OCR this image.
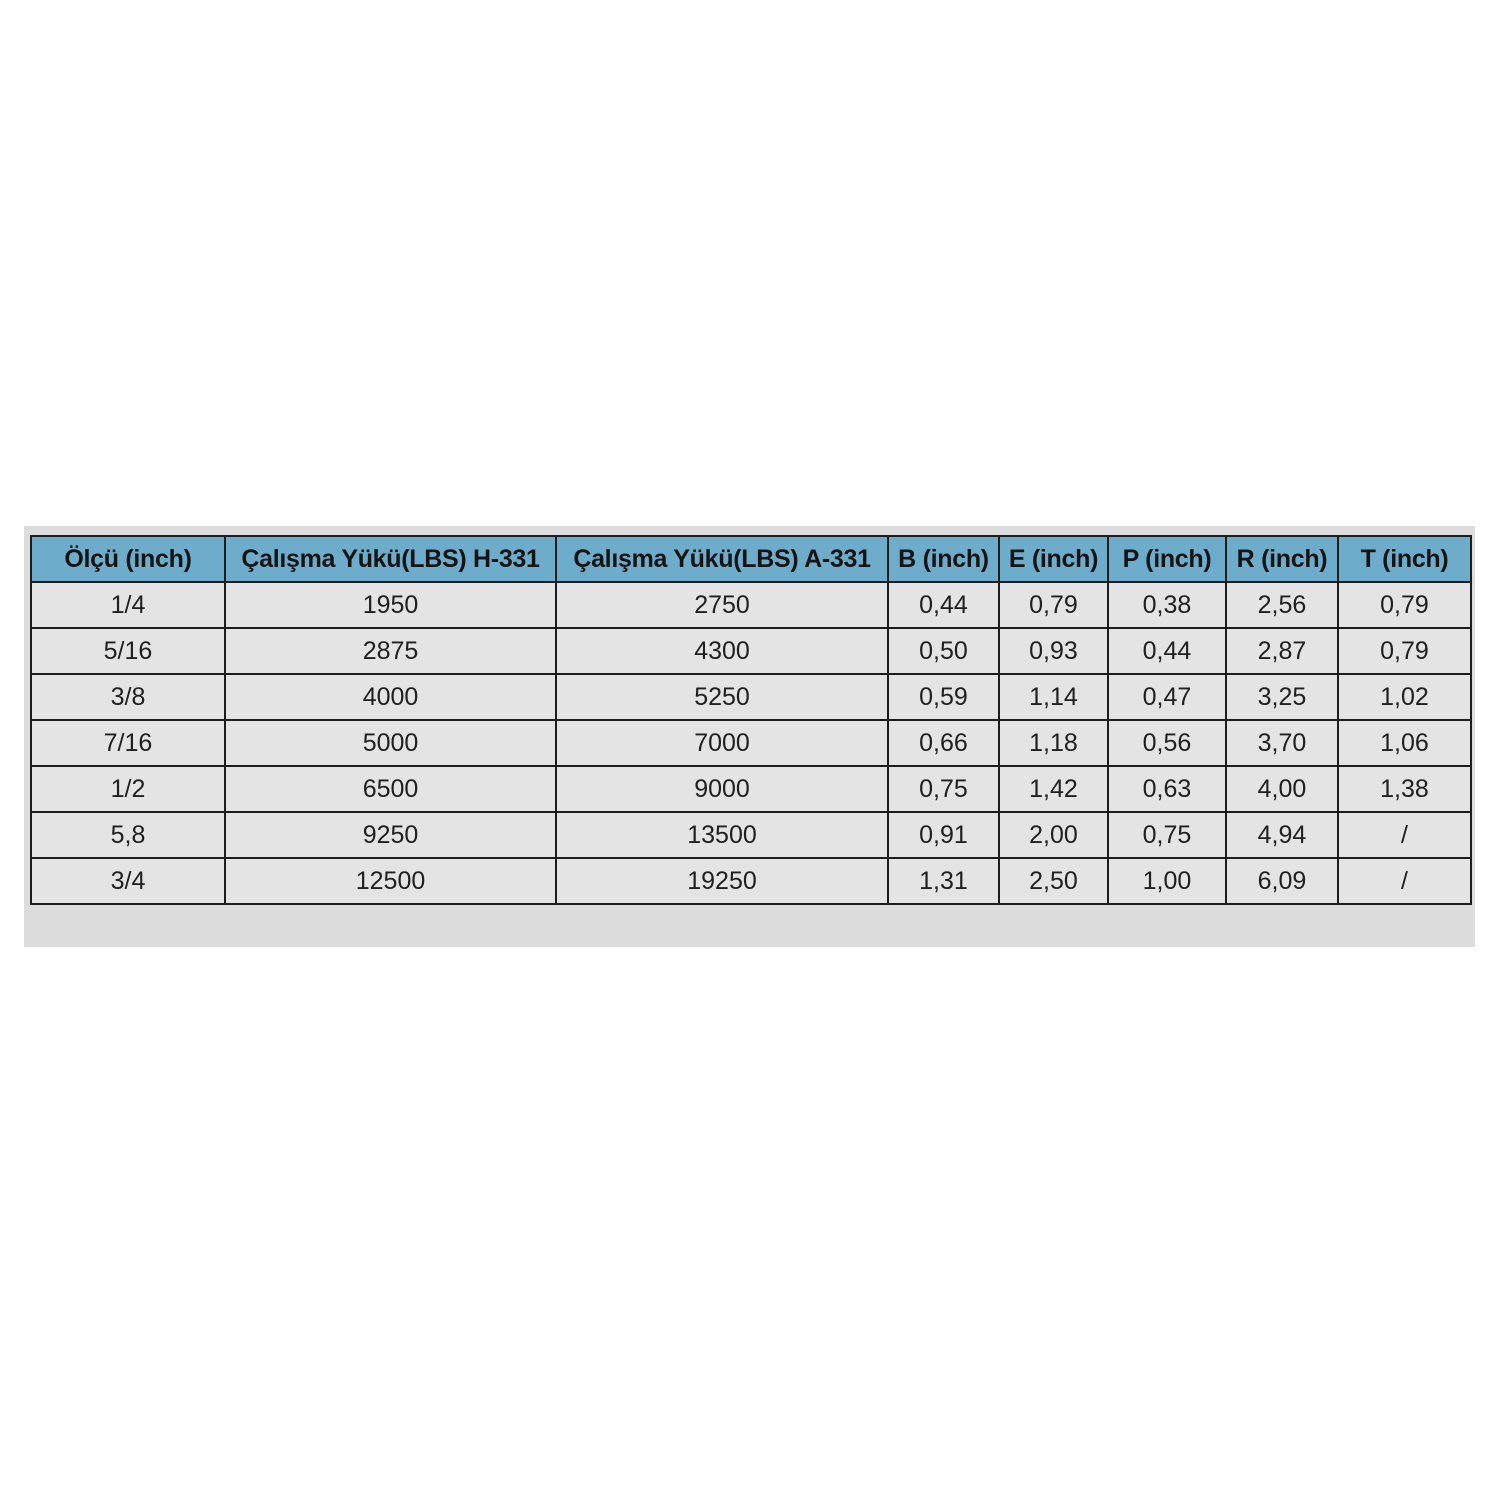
Ölçü (inch)	Çalışma Yükü(LBS) H-331	Çalışma Yükü(LBS) A-331	B (inch)	E (inch)	P (inch)	R (inch)	T (inch)
1/4	1950	2750	0,44	0,79	0,38	2,56	0,79
5/16	2875	4300	0,50	0,93	0,44	2,87	0,79
3/8	4000	5250	0,59	1,14	0,47	3,25	1,02
7/16	5000	7000	0,66	1,18	0,56	3,70	1,06
1/2	6500	9000	0,75	1,42	0,63	4,00	1,38
5,8	9250	13500	0,91	2,00	0,75	4,94	/
3/4	12500	19250	1,31	2,50	1,00	6,09	/
